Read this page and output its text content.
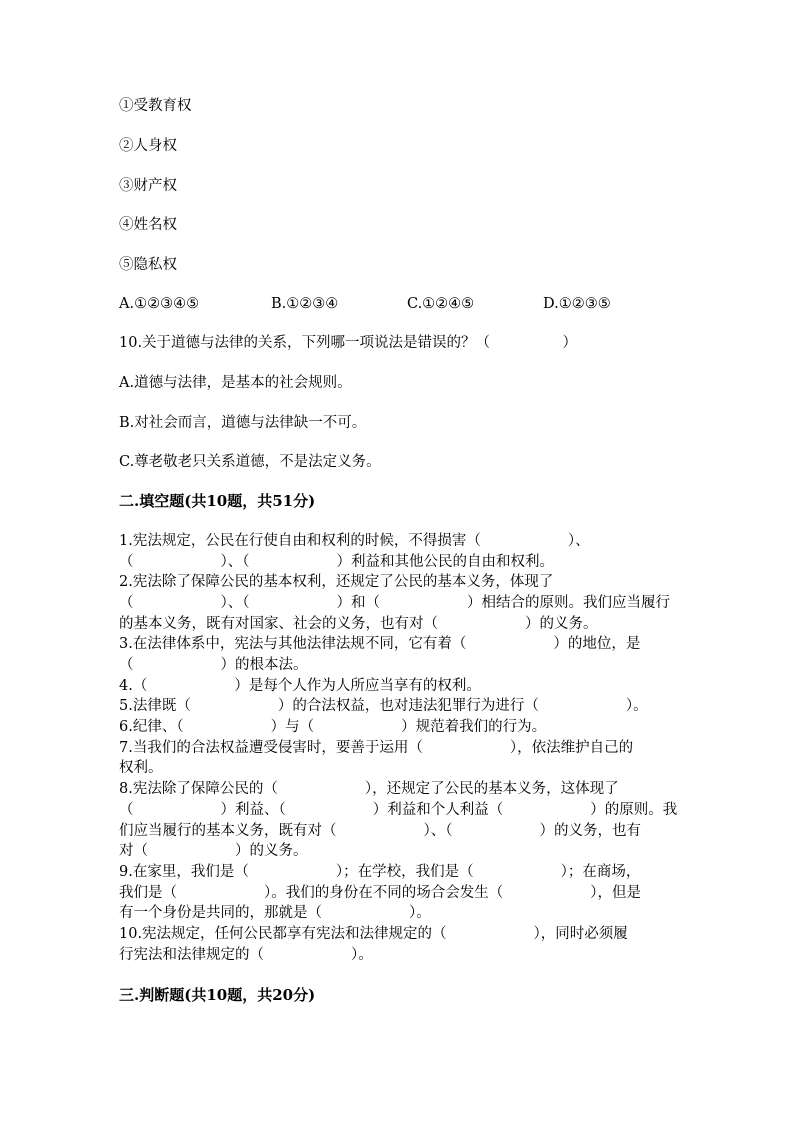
①受教育权

②人身权

③财产权

④姓名权

⑤隐私权

A.①②③④⑤	B.①②③④	C.①②④⑤	D.①②③⑤

10.关于道德与法律的关系，下列哪一项说法是错误的？（　　　　　）

A.道德与法律，是基本的社会规则。

B.对社会而言，道德与法律缺一不可。

C.尊老敬老只关系道德，不是法定义务。

二.填空题(共10题，共51分)

1.宪法规定，公民在行使自由和权利的时候，不得损害（　　　　　　）、

（　　　　　　）、（　　　　　　）利益和其他公民的自由和权利。

2.宪法除了保障公民的基本权利，还规定了公民的基本义务，体现了

（　　　　　　）、（　　　　　　）和（　　　　　　）相结合的原则。我们应当履行

的基本义务，既有对国家、社会的义务，也有对（　　　　　　）的义务。

3.在法律体系中，宪法与其他法律法规不同，它有着（　　　　　　）的地位，是

（　　　　　　）的根本法。

4.（　　　　　　）是每个人作为人所应当享有的权利。

5.法律既（　　　　　　）的合法权益，也对违法犯罪行为进行（　　　　　　）。

6.纪律、（　　　　　　）与（　　　　　　）规范着我们的行为。

7.当我们的合法权益遭受侵害时，要善于运用（　　　　　　），依法维护自己的

权利。

8.宪法除了保障公民的（　　　　　　），还规定了公民的基本义务，这体现了

（　　　　　　）利益、（　　　　　　）利益和个人利益（　　　　　　）的原则。我

们应当履行的基本义务，既有对（　　　　　　）、（　　　　　　）的义务，也有

对（　　　　　　）的义务。

9.在家里，我们是（　　　　　　）；在学校，我们是（　　　　　　）；在商场，

我们是（　　　　　　）。我们的身份在不同的场合会发生（　　　　　　），但是

有一个身份是共同的，那就是（　　　　　　）。

10.宪法规定，任何公民都享有宪法和法律规定的（　　　　　　），同时必须履

行宪法和法律规定的（　　　　　　）。

三.判断题(共10题，共20分)
